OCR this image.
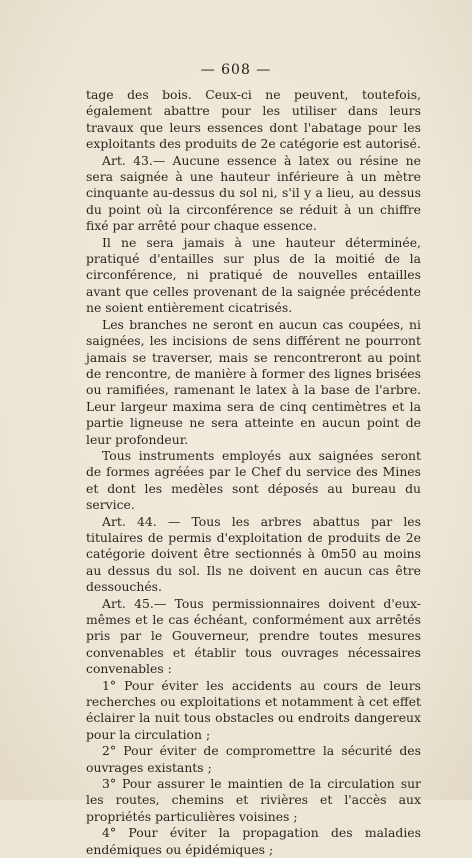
— 608 —

tage des bois. Ceux-ci ne peuvent, toutefois, également abattre pour les utiliser dans leurs travaux que leurs essences dont l'abatage pour les exploitants des produits de 2e catégorie est autorisé.

Art. 43.— Aucune essence à latex ou résine ne sera saignée à une hauteur inférieure à un mètre cinquante au-dessus du sol ni, s'il y a lieu, au dessus du point où la circonférence se réduit à un chiffre fixé par arrêté pour chaque essence.

Il ne sera jamais à une hauteur déterminée, pratiqué d'entailles sur plus de la moitié de la circonférence, ni pratiqué de nouvelles entailles avant que celles provenant de la saignée précédente ne soient entièrement cicatrisés.

Les branches ne seront en aucun cas coupées, ni saignées, les incisions de sens différent ne pourront jamais se traverser, mais se rencontreront au point de rencontre, de manière à former des lignes brisées ou ramifiées, ramenant le latex à la base de l'arbre. Leur largeur maxima sera de cinq centimètres et la partie ligneuse ne sera atteinte en aucun point de leur profondeur.

Tous instruments employés aux saignées seront de formes agréées par le Chef du service des Mines et dont les medèles sont déposés au bureau du service.

Art. 44. — Tous les arbres abattus par les titulaires de permis d'exploitation de produits de 2e catégorie doivent être sectionnés à 0m50 au moins au dessus du sol. Ils ne doivent en aucun cas être dessouchés.

Art. 45.— Tous permissionnaires doivent d'eux-mêmes et le cas échéant, conformément aux arrêtés pris par le Gouverneur, prendre toutes mesures convenables et établir tous ouvrages nécessaires convenables :

1° Pour éviter les accidents au cours de leurs recherches ou exploitations et notamment à cet effet éclairer la nuit tous obstacles ou endroits dangereux pour la circulation ;

2° Pour éviter de compromettre la sécurité des ouvrages existants ;

3° Pour assurer le maintien de la circulation sur les routes, chemins et rivières et l'accès aux propriétés particulières voisines ;

4° Pour éviter la propagation des maladies endémiques ou épidémiques ;
